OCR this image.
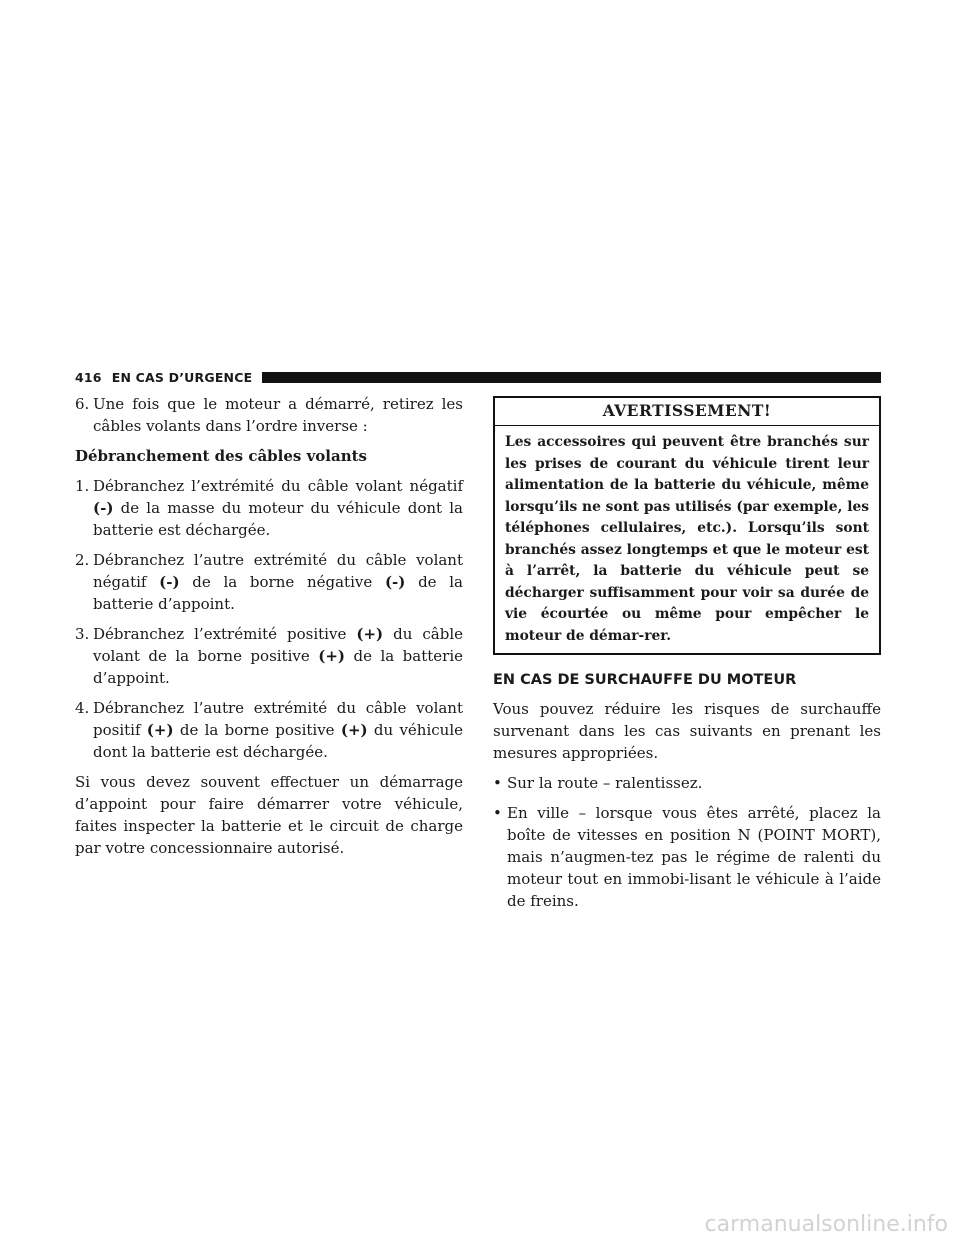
416 EN CAS D’URGENCE
6. Une fois que le moteur a démarré, retirez les câbles volants dans l’ordre inverse :
Débranchement des câbles volants
1. Débranchez l’extrémité du câble volant négatif (-) de la masse du moteur du véhicule dont la batterie est déchargée.
2. Débranchez l’autre extrémité du câble volant négatif (-) de la borne négative (-) de la batterie d’appoint.
3. Débranchez l’extrémité positive (+) du câble volant de la borne positive (+) de la batterie d’appoint.
4. Débranchez l’autre extrémité du câble volant positif (+) de la borne positive (+) du véhicule dont la batterie est déchargée.

Si vous devez souvent effectuer un démarrage d’appoint pour faire démarrer votre véhicule, faites inspecter la batterie et le circuit de charge par votre concessionnaire autorisé.

AVERTISSEMENT!

Les accessoires qui peuvent être branchés sur les prises de courant du véhicule tirent leur alimentation de la batterie du véhicule, même lorsqu’ils ne sont pas utilisés (par exemple, les téléphones cellulaires, etc.). Lorsqu’ils sont branchés assez longtemps et que le moteur est à l’arrêt, la batterie du véhicule peut se décharger suffisamment pour voir sa durée de vie écourtée ou même pour empêcher le moteur de démar-rer.

EN CAS DE SURCHAUFFE DU MOTEUR

Vous pouvez réduire les risques de surchauffe survenant dans les cas suivants en prenant les mesures appropriées.

• Sur la route – ralentissez.
• En ville – lorsque vous êtes arrêté, placez la boîte de vitesses en position N (POINT MORT), mais n’augmen-tez pas le régime de ralenti du moteur tout en immobi-lisant le véhicule à l’aide de freins.
carmanualsonline.info
